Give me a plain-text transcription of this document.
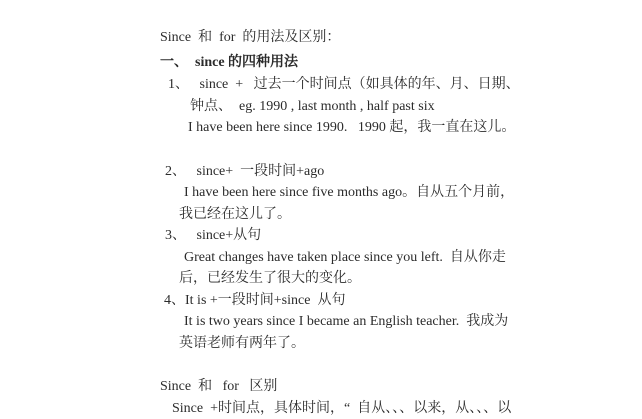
Since  和  for  的用法及区别：
一、  since 的四种用法
1、   since  +   过去一个时间点（如具体的年、月、日期、
钟点、  eg. 1990 , last month , half past six
I have been here since 1990.   1990 起，我一直在这儿。
2、   since+  一段时间+ago
I have been here since five months ago。自从五个月前，
我已经在这儿了。
3、   since+从句
Great changes have taken place since you left.  自从你走
后，已经发生了很大的变化。
4、It is +一段时间+since  从句
It is two years since I became an English teacher.  我成为
英语老师有两年了。
Since  和   for   区别
Since  +时间点，具体时间，“  自从、、、以来，从、、、以
